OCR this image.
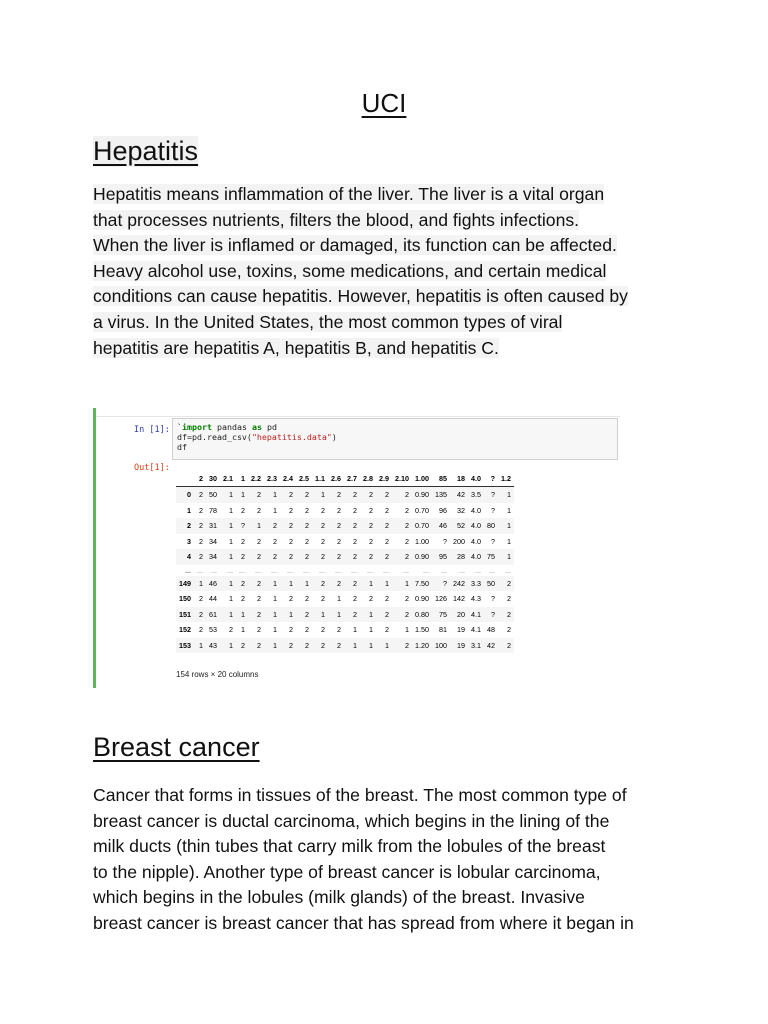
UCI
Hepatitis

Hepatitis means inflammation of the liver. The liver is a vital organ
that processes nutrients, filters the blood, and fights infections.
When the liver is inflamed or damaged, its function can be affected.
Heavy alcohol use, toxins, some medications, and certain medical
conditions can cause hepatitis. However, hepatitis is often caused by
a virus. In the United States, the most common types of viral
hepatitis are hepatitis A, hepatitis B, and hepatitis C.

In [1]: `import pandas as pd
df=pd.read_csv("hepatitis.data")
df
Out[1]:
	2	30	2.1	1	2.2	2.3	2.4	2.5	1.1	2.6	2.7	2.8	2.9	2.10	1.00	85	18	4.0	?	1.2
0	2	50	1	1	2	1	2	2	1	2	2	2	2	2	0.90	135	42	3.5	?	1
1	2	78	1	2	2	1	2	2	2	2	2	2	2	2	0.70	96	32	4.0	?	1
2	2	31	1	?	1	2	2	2	2	2	2	2	2	2	0.70	46	52	4.0	80	1
3	2	34	1	2	2	2	2	2	2	2	2	2	2	2	1.00	?	200	4.0	?	1
4	2	34	1	2	2	2	2	2	2	2	2	2	2	2	0.90	95	28	4.0	75	1
...	...	...	...	...	...	...	...	...	...	...	...	...	...	...	...	...	...	...	...	...
149	1	46	1	2	2	1	1	1	2	2	2	1	1	1	7.50	?	242	3.3	50	2
150	2	44	1	2	2	1	2	2	2	1	2	2	2	2	0.90	126	142	4.3	?	2
151	2	61	1	1	2	1	1	2	1	1	2	1	2	2	0.80	75	20	4.1	?	2
152	2	53	2	1	2	1	2	2	2	2	1	1	2	1	1.50	81	19	4.1	48	2
153	1	43	1	2	2	1	2	2	2	2	1	1	1	2	1.20	100	19	3.1	42	2
154 rows × 20 columns
Breast cancer

Cancer that forms in tissues of the breast. The most common type of
breast cancer is ductal carcinoma, which begins in the lining of the
milk ducts (thin tubes that carry milk from the lobules of the breast
to the nipple). Another type of breast cancer is lobular carcinoma,
which begins in the lobules (milk glands) of the breast. Invasive
breast cancer is breast cancer that has spread from where it began in
